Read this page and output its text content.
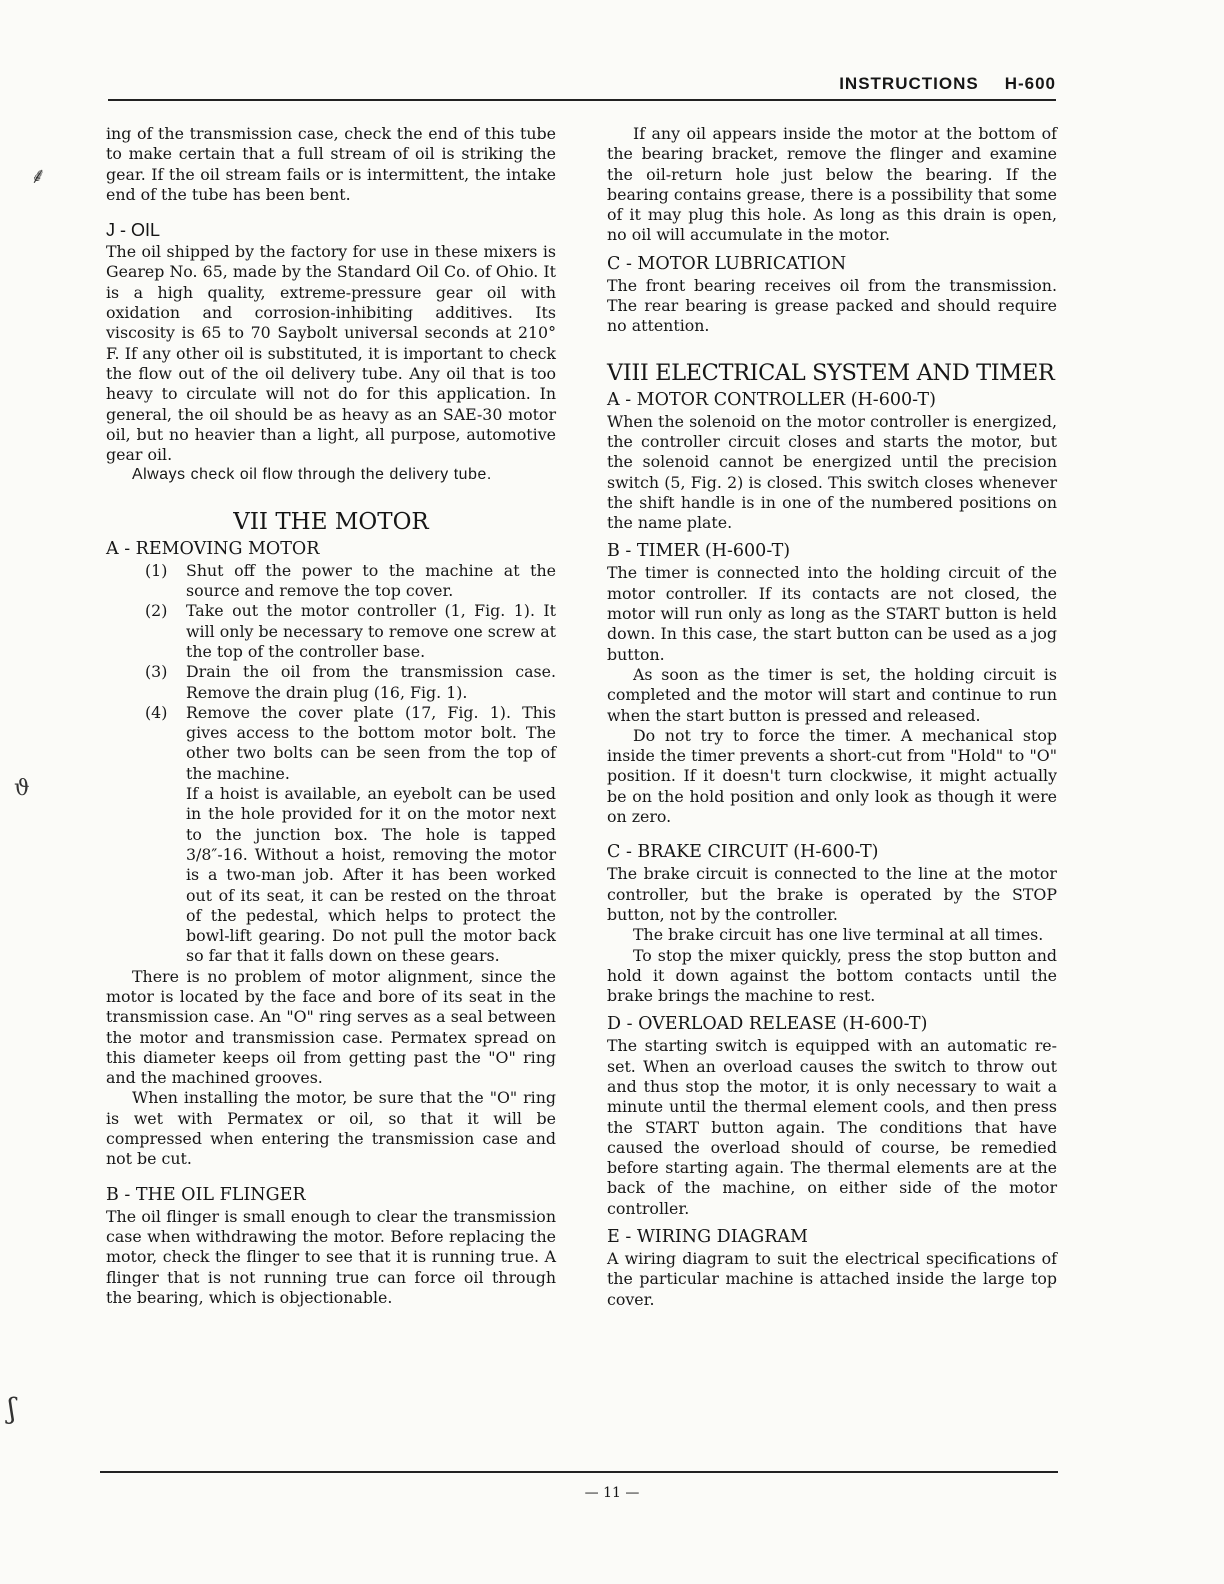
INSTRUCTIONS H-600
⸙
ϑ
ʃ

ing of the transmission case, check the end of this tube to make certain that a full stream of oil is striking the gear. If the oil stream fails or is intermittent, the intake end of the tube has been bent.

J - OIL

The oil shipped by the factory for use in these mixers is Gearep No. 65, made by the Standard Oil Co. of Ohio. It is a high quality, extreme-pressure gear oil with oxidation and corrosion-inhibiting additives. Its viscosity is 65 to 70 Saybolt universal seconds at 210° F. If any other oil is substituted, it is important to check the flow out of the oil delivery tube. Any oil that is too heavy to circulate will not do for this application. In general, the oil should be as heavy as an SAE-30 motor oil, but no heavier than a light, all purpose, automotive gear oil.

Always check oil flow through the delivery tube.

VII THE MOTOR
A - REMOVING MOTOR
(1) Shut off the power to the machine at the source and remove the top cover.
(2) Take out the motor controller (1, Fig. 1). It will only be necessary to remove one screw at the top of the controller base.
(3) Drain the oil from the transmission case. Remove the drain plug (16, Fig. 1).
(4) Remove the cover plate (17, Fig. 1). This gives access to the bottom motor bolt. The other two bolts can be seen from the top of the machine.
If a hoist is available, an eyebolt can be used in the hole provided for it on the motor next to the junction box. The hole is tapped 3/8″-16. Without a hoist, removing the motor is a two-man job. After it has been worked out of its seat, it can be rested on the throat of the pedestal, which helps to protect the bowl-lift gearing. Do not pull the motor back so far that it falls down on these gears.

There is no problem of motor alignment, since the motor is located by the face and bore of its seat in the transmission case. An "O" ring serves as a seal between the motor and transmission case. Permatex spread on this diameter keeps oil from getting past the "O" ring and the machined grooves.

When installing the motor, be sure that the "O" ring is wet with Permatex or oil, so that it will be compressed when entering the transmission case and not be cut.

B - THE OIL FLINGER

The oil flinger is small enough to clear the transmission case when withdrawing the motor. Before replacing the motor, check the flinger to see that it is running true. A flinger that is not running true can force oil through the bearing, which is objectionable.

If any oil appears inside the motor at the bottom of the bearing bracket, remove the flinger and examine the oil-return hole just below the bearing. If the bearing contains grease, there is a possibility that some of it may plug this hole. As long as this drain is open, no oil will accumulate in the motor.

C - MOTOR LUBRICATION

The front bearing receives oil from the transmission. The rear bearing is grease packed and should require no attention.

VIII ELECTRICAL SYSTEM AND TIMER
A - MOTOR CONTROLLER (H-600-T)

When the solenoid on the motor controller is energized, the controller circuit closes and starts the motor, but the solenoid cannot be energized until the precision switch (5, Fig. 2) is closed. This switch closes whenever the shift handle is in one of the numbered positions on the name plate.

B - TIMER (H-600-T)

The timer is connected into the holding circuit of the motor controller. If its contacts are not closed, the motor will run only as long as the START button is held down. In this case, the start button can be used as a jog button.

As soon as the timer is set, the holding circuit is completed and the motor will start and continue to run when the start button is pressed and released.

Do not try to force the timer. A mechanical stop inside the timer prevents a short-cut from "Hold" to "O" position. If it doesn't turn clockwise, it might actually be on the hold position and only look as though it were on zero.

C - BRAKE CIRCUIT (H-600-T)

The brake circuit is connected to the line at the motor controller, but the brake is operated by the STOP button, not by the controller.

The brake circuit has one live terminal at all times.

To stop the mixer quickly, press the stop button and hold it down against the bottom contacts until the brake brings the machine to rest.

D - OVERLOAD RELEASE (H-600-T)

The starting switch is equipped with an automatic re-set. When an overload causes the switch to throw out and thus stop the motor, it is only necessary to wait a minute until the thermal element cools, and then press the START button again. The conditions that have caused the overload should of course, be remedied before starting again. The thermal elements are at the back of the machine, on either side of the motor controller.

E - WIRING DIAGRAM

A wiring diagram to suit the electrical specifications of the particular machine is attached inside the large top cover.

— 11 —
